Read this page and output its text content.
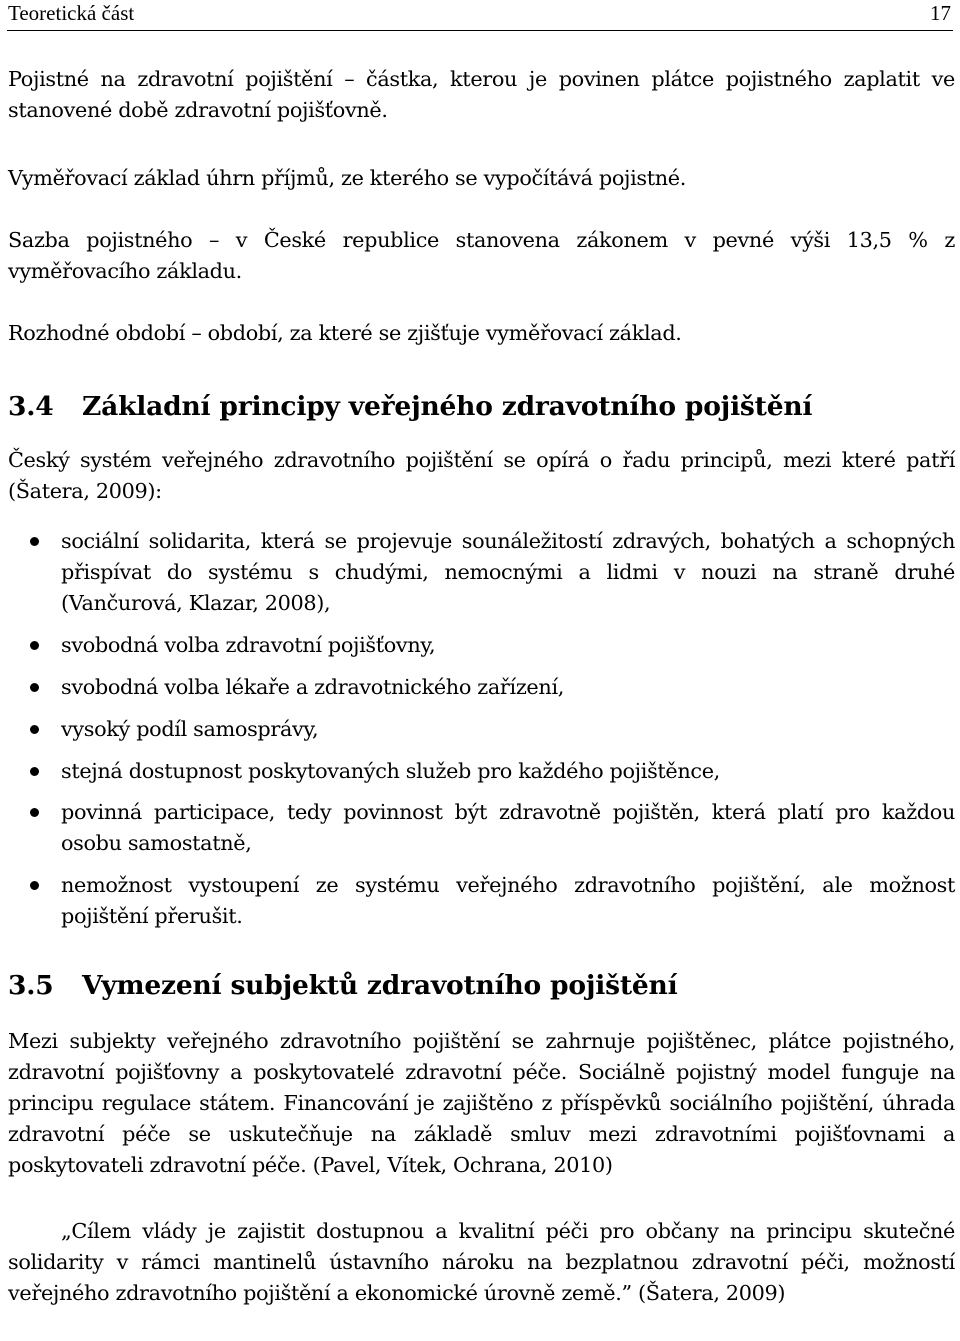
Teoretická část	17

Pojistné na zdravotní pojištění – částka, kterou je povinen plátce pojistného zaplatit ve stanovené době zdravotní pojišťovně.

Vyměřovací základ úhrn příjmů, ze kterého se vypočítává pojistné.

Sazba pojistného – v České republice stanovena zákonem v pevné výši 13,5 % z vyměřovacího základu.

Rozhodné období – období, za které se zjišťuje vyměřovací základ.

3.4 Základní principy veřejného zdravotního pojištění

Český systém veřejného zdravotního pojištění se opírá o řadu principů, mezi které patří (Šatera, 2009):

sociální solidarita, která se projevuje sounáležitostí zdravých, bohatých a schopných přispívat do systému s chudými, nemocnými a lidmi v nouzi na straně druhé (Vančurová, Klazar, 2008),
svobodná volba zdravotní pojišťovny,
svobodná volba lékaře a zdravotnického zařízení,
vysoký podíl samosprávy,
stejná dostupnost poskytovaných služeb pro každého pojištěnce,
povinná participace, tedy povinnost být zdravotně pojištěn, která platí pro každou osobu samostatně,
nemožnost vystoupení ze systému veřejného zdravotního pojištění, ale možnost pojištění přerušit.
3.5 Vymezení subjektů zdravotního pojištění

Mezi subjekty veřejného zdravotního pojištění se zahrnuje pojištěnec, plátce pojistného, zdravotní pojišťovny a poskytovatelé zdravotní péče. Sociálně pojistný model funguje na principu regulace státem. Financování je zajištěno z příspěvků sociálního pojištění, úhrada zdravotní péče se uskutečňuje na základě smluv mezi zdravotními pojišťovnami a poskytovateli zdravotní péče. (Pavel, Vítek, Ochrana, 2010)

„Cílem vlády je zajistit dostupnou a kvalitní péči pro občany na principu skutečné solidarity v rámci mantinelů ústavního nároku na bezplatnou zdravotní péči, možností veřejného zdravotního pojištění a ekonomické úrovně země.” (Šatera, 2009)
